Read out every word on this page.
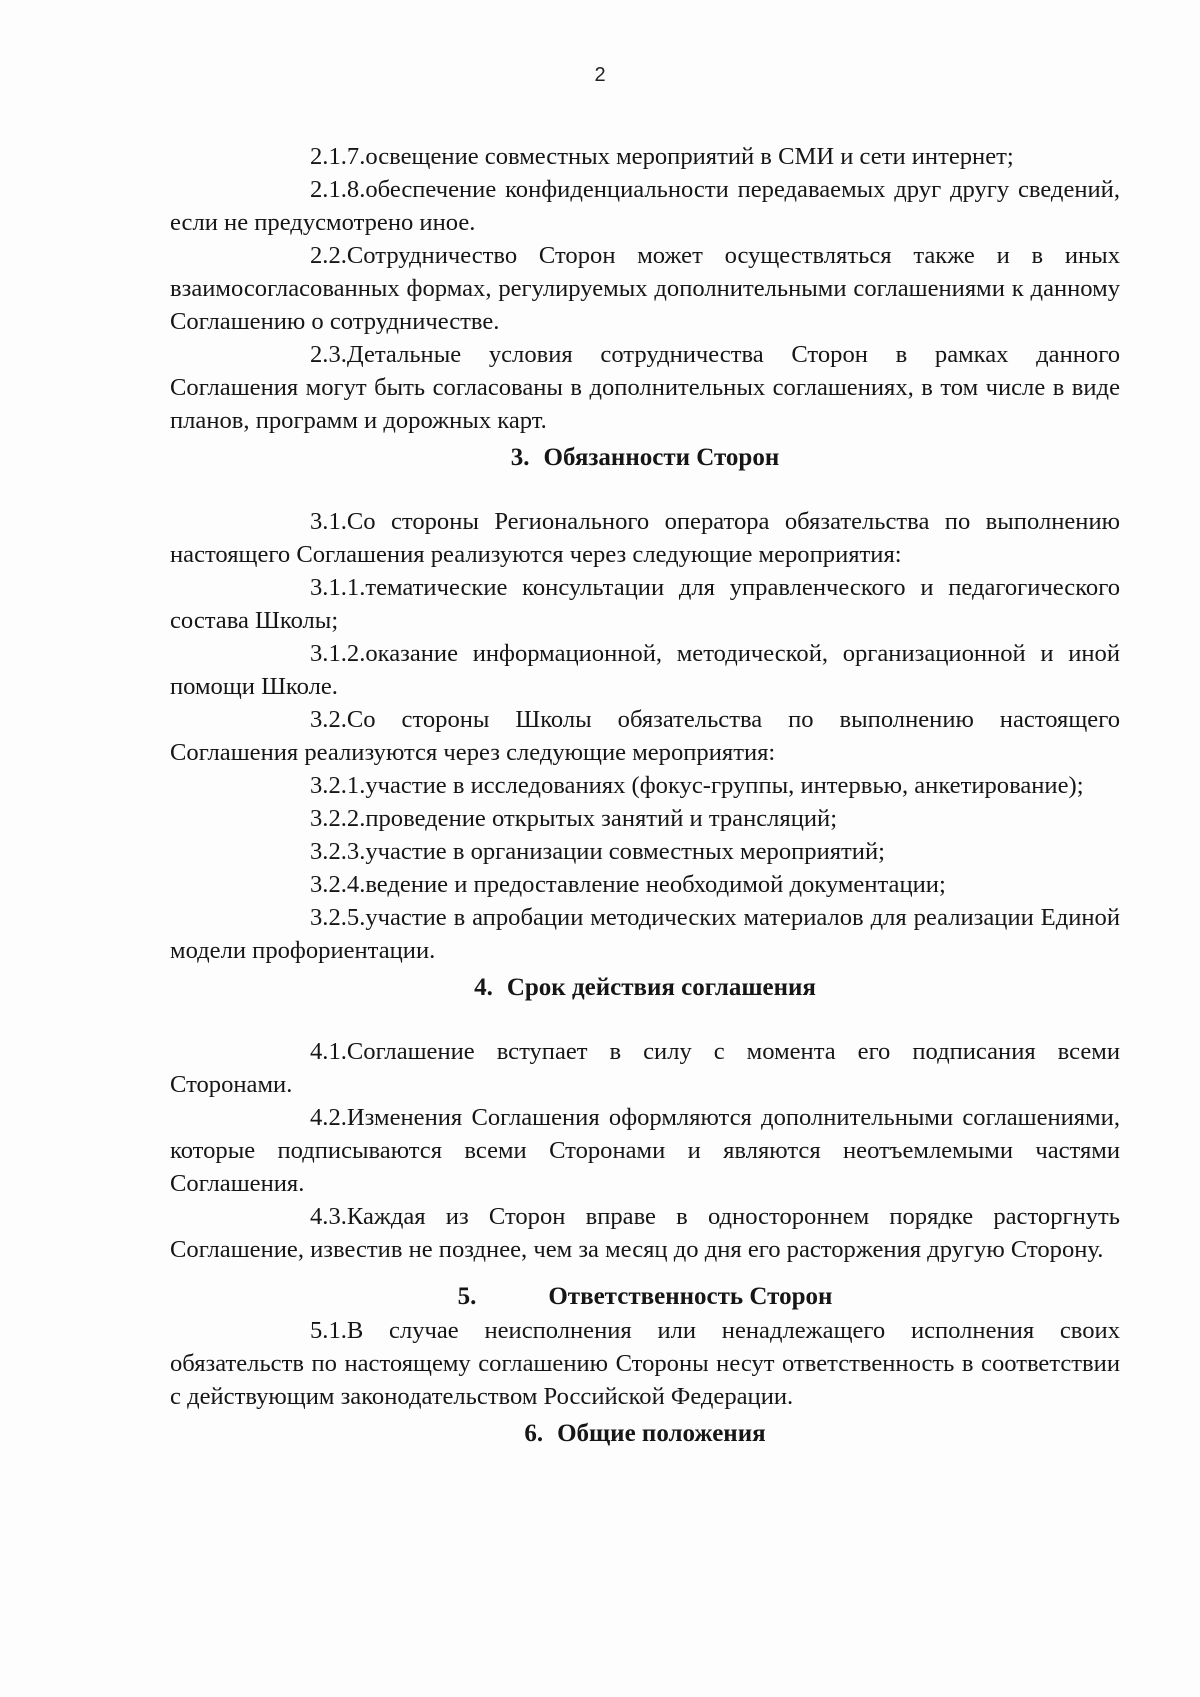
2

2.1.7.освещение совместных мероприятий в СМИ и сети интернет;

2.1.8.обеспечение конфиденциальности передаваемых друг другу сведений, если не предусмотрено иное.

2.2.Сотрудничество Сторон может осуществляться также и в иных взаимосогласованных формах, регулируемых дополнительными соглашениями к данному Соглашению о сотрудничестве.

2.3.Детальные условия сотрудничества Сторон в рамках данного Соглашения могут быть согласованы в дополнительных соглашениях, в том числе в виде планов, программ и дорожных карт.

3. Обязанности Сторон

3.1.Со стороны Регионального оператора обязательства по выполнению настоящего Соглашения реализуются через следующие мероприятия:

3.1.1.тематические консультации для управленческого и педагогического состава Школы;

3.1.2.оказание информационной, методической, организационной и иной помощи Школе.

3.2.Со стороны Школы обязательства по выполнению настоящего Соглашения реализуются через следующие мероприятия:

3.2.1.участие в исследованиях (фокус-группы, интервью, анкетирование);

3.2.2.проведение открытых занятий и трансляций;

3.2.3.участие в организации совместных мероприятий;

3.2.4.ведение и предоставление необходимой документации;

3.2.5.участие в апробации методических материалов для реализации Единой модели профориентации.

4. Срок действия соглашения

4.1.Соглашение вступает в силу с момента его подписания всеми Сторонами.

4.2.Изменения Соглашения оформляются дополнительными соглашениями, которые подписываются всеми Сторонами и являются неотъемлемыми частями Соглашения.

4.3.Каждая из Сторон вправе в одностороннем порядке расторгнуть Соглашение, известив не позднее, чем за месяц до дня его расторжения другую Сторону.

5.	Ответственность Сторон

5.1.В случае неисполнения или ненадлежащего исполнения своих обязательств по настоящему соглашению Стороны несут ответственность в соответствии с действующим законодательством Российской Федерации.

6. Общие положения
